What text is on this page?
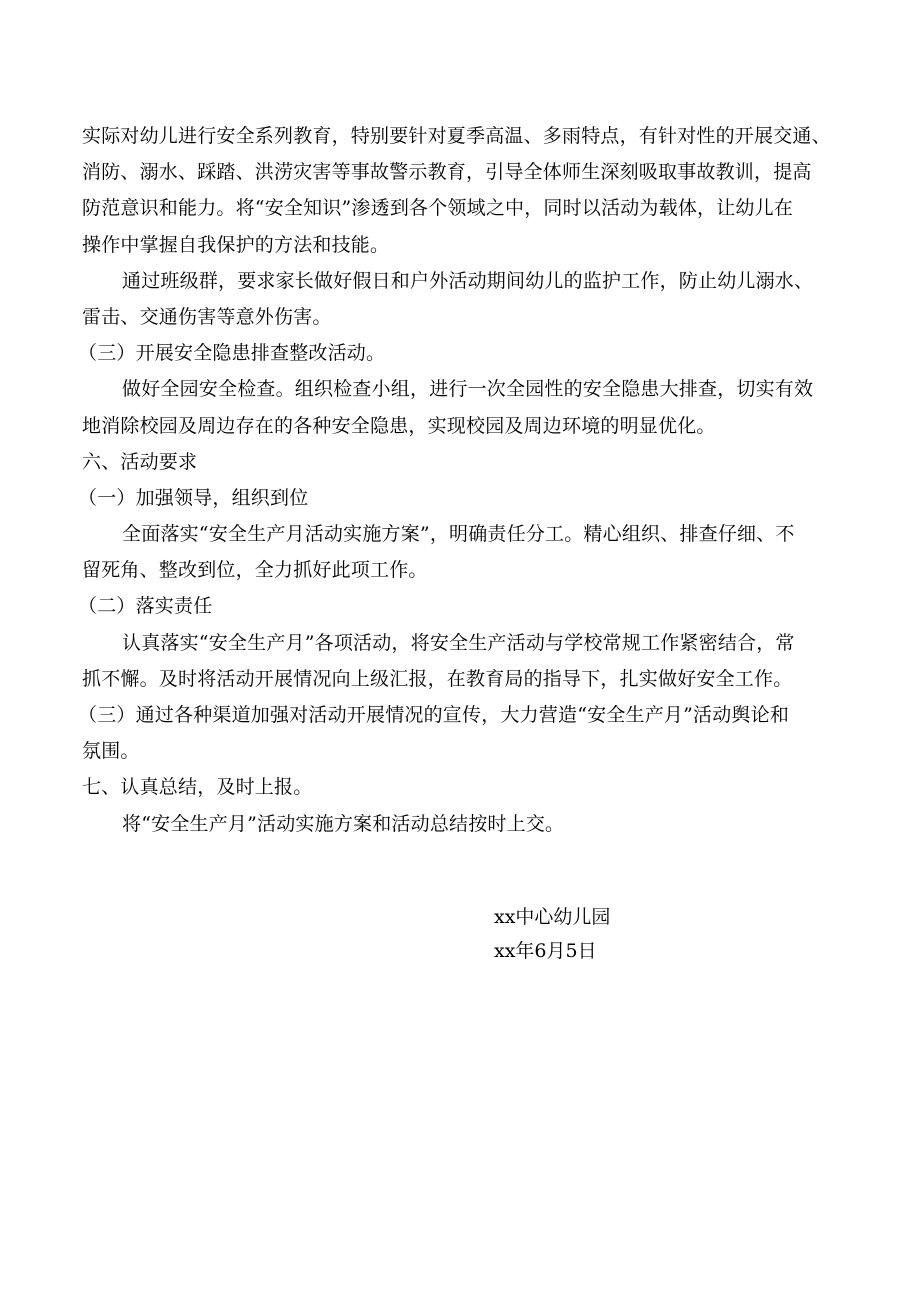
实际对幼儿进行安全系列教育，特别要针对夏季高温、多雨特点，有针对性的开展交通、
消防、溺水、踩踏、洪涝灾害等事故警示教育，引导全体师生深刻吸取事故教训，提高
防范意识和能力。将“安全知识”渗透到各个领域之中，同时以活动为载体，让幼儿在
操作中掌握自我保护的方法和技能。
通过班级群，要求家长做好假日和户外活动期间幼儿的监护工作，防止幼儿溺水、
雷击、交通伤害等意外伤害。
（三）开展安全隐患排查整改活动。
做好全园安全检查。组织检查小组，进行一次全园性的安全隐患大排查，切实有效
地消除校园及周边存在的各种安全隐患，实现校园及周边环境的明显优化。
六、活动要求
（一）加强领导，组织到位
全面落实“安全生产月活动实施方案”，明确责任分工。精心组织、排查仔细、不
留死角、整改到位，全力抓好此项工作。
（二）落实责任
认真落实“安全生产月”各项活动，将安全生产活动与学校常规工作紧密结合，常
抓不懈。及时将活动开展情况向上级汇报，在教育局的指导下，扎实做好安全工作。
（三）通过各种渠道加强对活动开展情况的宣传，大力营造“安全生产月”活动舆论和
氛围。
七、认真总结，及时上报。
将“安全生产月”活动实施方案和活动总结按时上交。
xx中心幼儿园
xx年6月5日
